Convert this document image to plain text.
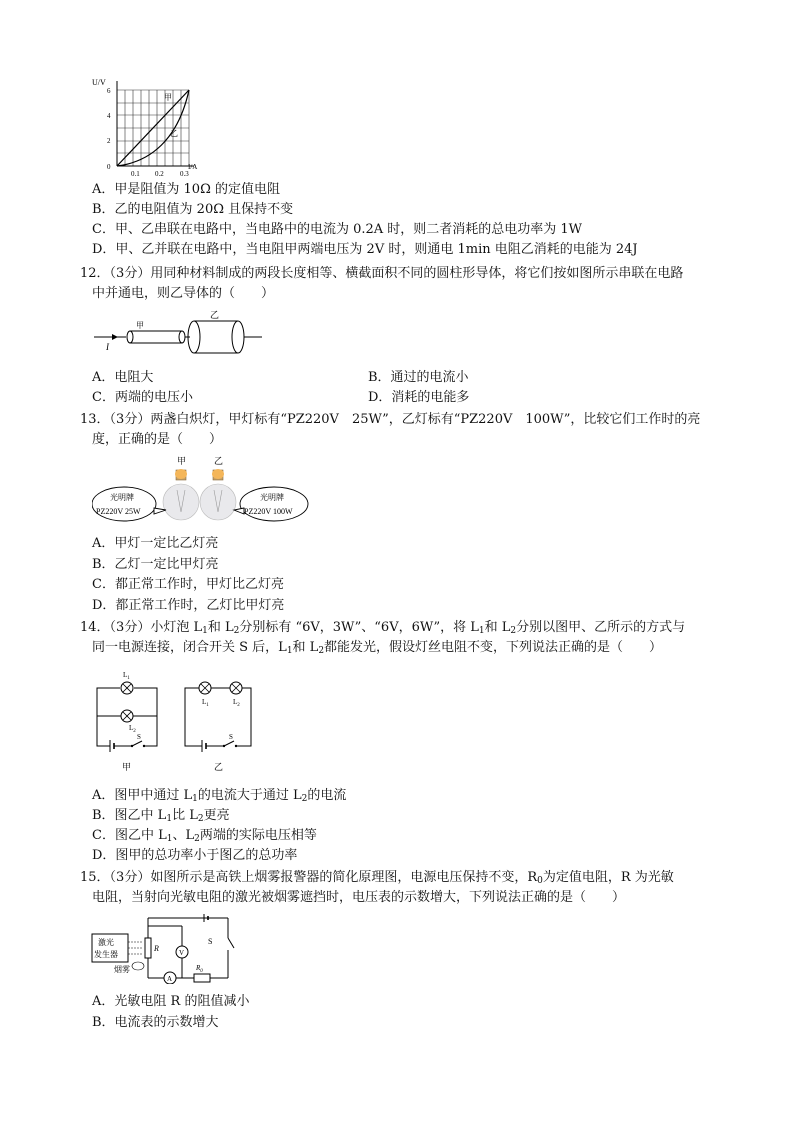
U/V
6
4
2
0
0.1 0.2 0.3
I/A
甲
乙
A．甲是阻值为 10Ω 的定值电阻
B．乙的电阻值为 20Ω 且保持不变
C．甲、乙串联在电路中，当电路中的电流为 0.2A 时，则二者消耗的总电功率为 1W
D．甲、乙并联在电路中，当电阻甲两端电压为 2V 时，则通电 1min 电阻乙消耗的电能为 24J
12．（3分）用同种材料制成的两段长度相等、横截面积不同的圆柱形导体，将它们按如图所示串联在电路
中并通电，则乙导体的（　　）
I
甲
乙
A．电阻大	B．通过的电流小
C．两端的电压小	D．消耗的电能多
13．（3分）两盏白炽灯，甲灯标有“PZ220V　25W”，乙灯标有“PZ220V　100W”，比较它们工作时的亮
度，正确的是（　　）
甲	乙
光明牌
PZ220V 25W
光明牌
PZ220V 100W
A．甲灯一定比乙灯亮
B．乙灯一定比甲灯亮
C．都正常工作时，甲灯比乙灯亮
D．都正常工作时，乙灯比甲灯亮
14．（3分）小灯泡 $L_1$和 $L_2$分别标有 “6V，3W”、“6V，6W”，将 $L_1$和 $L_2$分别以图甲、乙所示的方式与
同一电源连接，闭合开关 S 后，$L_1$和 $L_2$都能发光，假设灯丝电阻不变，下列说法正确的是（　　）
$L_1$
$L_2$
S
甲
$L_1$	$L_2$
S
乙
A．图甲中通过 $L_1$的电流大于通过 $L_2$的电流
B．图乙中 $L_1$比 $L_2$更亮
C．图乙中 $L_1$、$L_2$两端的实际电压相等
D．图甲的总功率小于图乙的总功率
15．（3分）如图所示是高铁上烟雾报警器的简化原理图，电源电压保持不变，$R_0$为定值电阻，R 为光敏
电阻，当射向光敏电阻的激光被烟雾遮挡时，电压表的示数增大，下列说法正确的是（　　）
激光
发生器
烟雾
R
A
$R_0$
V
S
A．光敏电阻 R 的阻值减小
B．电流表的示数增大
